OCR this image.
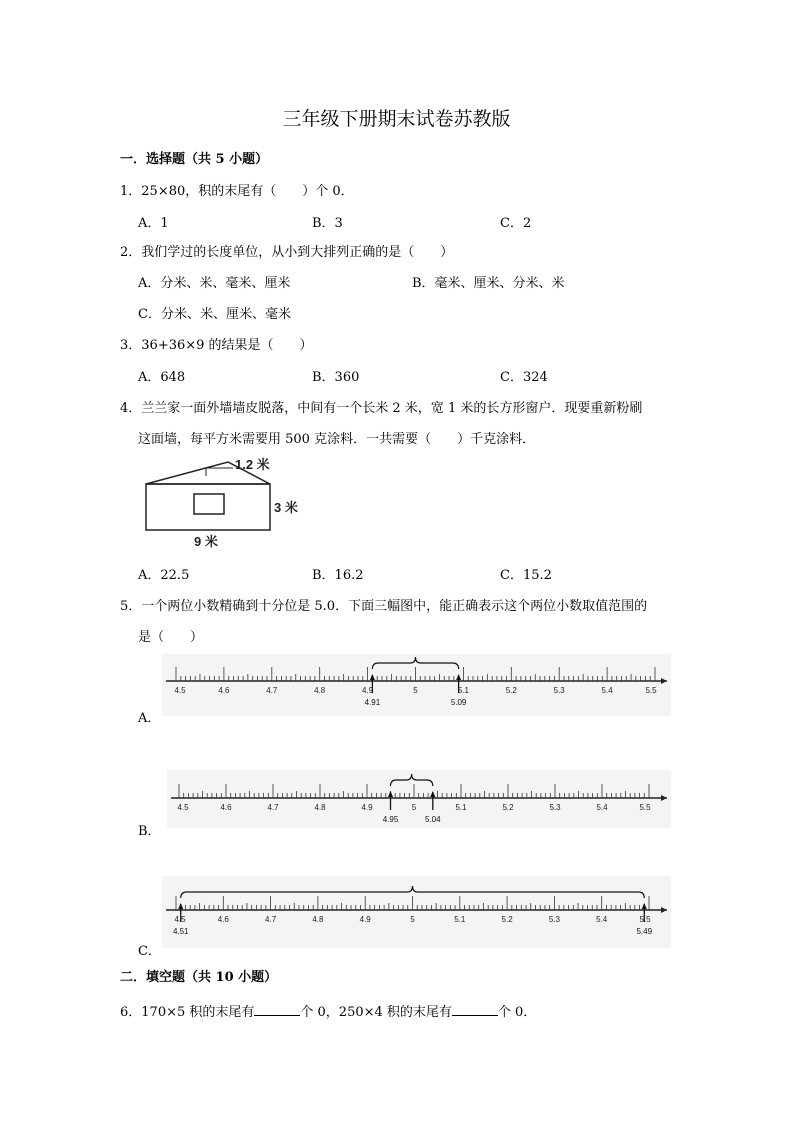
三年级下册期末试卷苏教版
一．选择题（共 5 小题）
1．25×80，积的末尾有（　　）个 0．
A．1	B．3	C．2
2．我们学过的长度单位，从小到大排列正确的是（　　）
A．分米、米、毫米、厘米	B．毫米、厘米、分米、米
C．分米、米、厘米、毫米
3．36+36×9 的结果是（　　）
A．648	B．360	C．324
4．兰兰家一面外墙墙皮脱落，中间有一个长米 2 米，宽 1 米的长方形窗户．现要重新粉刷
这面墙，每平方米需要用 500 克涂料．一共需要（　　）千克涂料．
1.2 米
3 米
9 米
A．22.5	B．16.2	C．15.2
5．一个两位小数精确到十分位是 5.0．下面三幅图中，能正确表示这个两位小数取值范围的
是（　　）
4.5	4.6	4.7	4.8	4.9	5	5.1	5.2	5.3	5.4	5.5
4.91	5.09
A．
4.5	4.6	4.7	4.8	4.9	5	5.1	5.2	5.3	5.4	5.5
4.95	5.04
B．
4.5	4.6	4.7	4.8	4.9	5	5.1	5.2	5.3	5.4	5.5
4.51	5.49
C．
二．填空题（共 10 小题）
6．170×5 积的末尾有	个 0，250×4 积的末尾有	个 0．
